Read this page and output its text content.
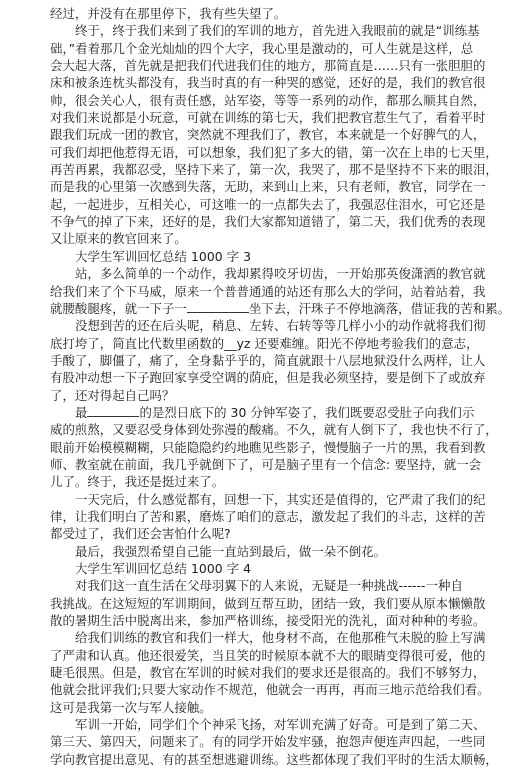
经过，并没有在那里停下，我有些失望了。
终于，终于我们来到了我们的军训的地方，首先进入我眼前的就是“训练基
础，”看着那几个金光灿灿的四个大字，我心里是激动的，可人生就是这样，总
会大起大落，首先就是把我们代进我们住的地方，那简直是……只有一张胆胆的
床和被条连枕头都没有，我当时真的有一种哭的感觉，还好的是，我们的教官很
帅，很会关心人，很有责任感，站军姿，等等一系列的动作，都那么顺其自然，
对我们来说都是小玩意，可就在训练的第七天，我们把教官惹生气了，看着平时
跟我们玩成一团的教官，突然就不理我们了，教官，本来就是一个好脾气的人，
可我们却把他惹得无语，可以想象，我们犯了多大的错，第一次在上串的七天里，
再苦再累，我都忍受，坚持下来了，第一次，我哭了，那不是坚持不下来的眼泪，
而是我的心里第一次感到失落，无助，来到山上来，只有老师，教官，同学在一
起，一起进步，互相关心，可这唯一的一点都失去了，我强忍住泪水，可它还是
不争气的掉了下来，还好的是，我们大家都知道错了，第二天，我们优秀的表现
又让原来的教官回来了。
大学生军训回忆总结 1000 字 3
站，多么简单的一个动作，我却累得咬牙切齿，一开始那英俊潇洒的教官就
给我们来了个下马威，原来一个普普通通的站还有那么大的学问，站着站着，我
就腰酸腿疼，就一下子一	坐下去，汗珠子不停地滴落，借证我的苦和累。
没想到苦的还在后头呢，稍息、左转、右转等等几样小小的动作就将我们彻
底打垮了，简直比代数里函数的__yz 还要难缠。阳光不停地考验我们的意志，
手酸了，脚僵了，痛了，全身黏乎乎的，简直就跟十八层地狱没什么两样，让人
有股冲动想一下子跑回家享受空调的荫庇，但是我必须坚持，要是倒下了或放弃
了，还对得起自己吗？
最	的是烈日底下的 30 分钟军姿了，我们既要忍受肚子向我们示
威的煎熬，又要忍受身体到处弥漫的酸痛。不久，就有人倒下了，我也快不行了，
眼前开始模模糊糊，只能隐隐约约地瞧见些影子，慢慢脑子一片的黑，我看到教
师、教室就在前面，我几乎就倒下了，可是脑子里有一个信念: 要坚持，就一会
儿了。终于，我还是挺过来了。
一天完后，什么感觉都有，回想一下，其实还是值得的，它严肃了我们的纪
律，让我们明白了苦和累，磨炼了咱们的意志，激发起了我们的斗志，这样的苦
都受过了，我们还会害怕什么呢?
最后，我强烈希望自己能一直站到最后，做一朵不倒花。
大学生军训回忆总结 1000 字 4
对我们这一直生活在父母羽翼下的人来说，无疑是一种挑战------一种自
我挑战。在这短短的军训期间，做到互帮互助，团结一致，我们要从原本懒懒散
散的暑期生活中脱离出来，参加严格训练，接受阳光的洗礼，面对种种的考验。
给我们训练的教官和我们一样大，他身材不高，在他那稚气未脱的脸上写满
了严肃和认真。他还很爱笑，当且笑的时候原本就不大的眼睛变得很可爱，他的
睫毛很黑。但是，教官在军训的时候对我们的要求还是很高的。我们不够努力，
他就会批评我们;只要大家动作不规范，他就会一再再，再而三地示范给我们看。
这可是我第一次与军人接触。
军训一开始，同学们个个神采飞扬，对军训充满了好奇。可是到了第二天、
第三天、第四天，问题来了。有的同学开始发牢骚，抱怨声便连声四起，一些同
学向教官提出意见、有的甚至想逃避训练。这些都体现了我们平时的生活太顺畅，
